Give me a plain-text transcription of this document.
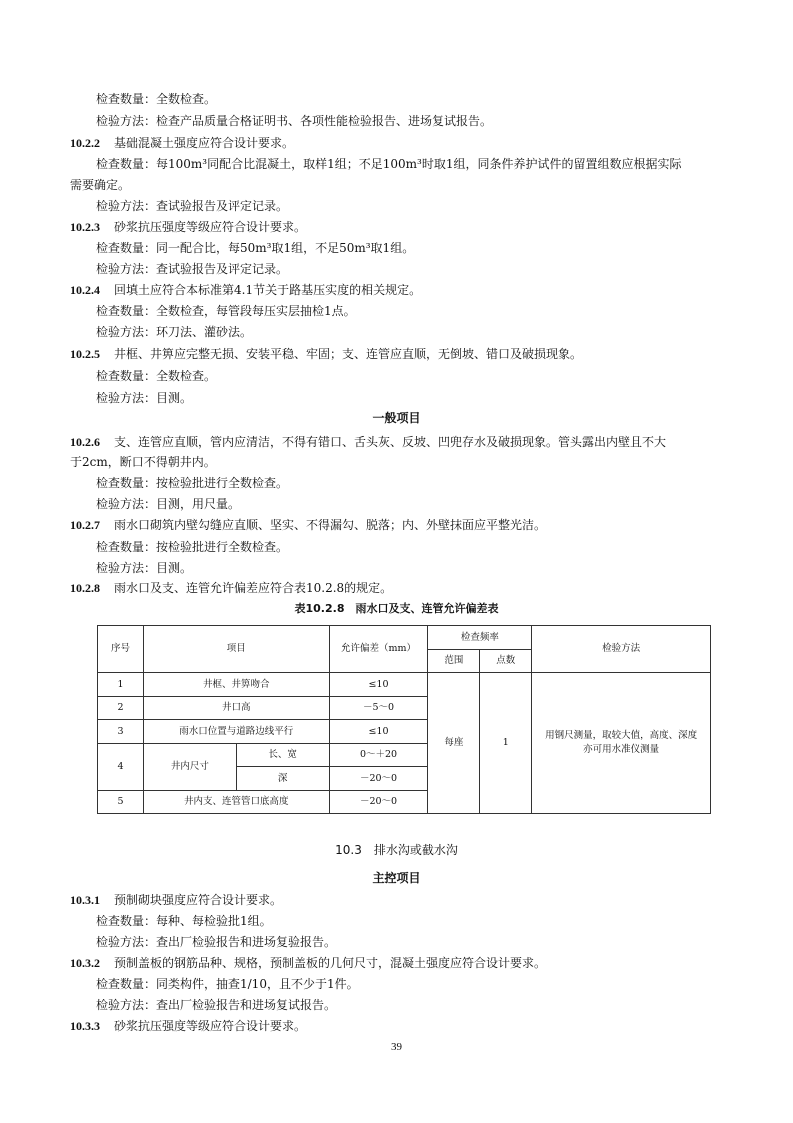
检查数量：全数检查。
检验方法：检查产品质量合格证明书、各项性能检验报告、进场复试报告。
10.2.2 基础混凝土强度应符合设计要求。
检查数量：每100m³同配合比混凝土，取样1组；不足100m³时取1组，同条件养护试件的留置组数应根据实际
需要确定。
检验方法：查试验报告及评定记录。
10.2.3 砂浆抗压强度等级应符合设计要求。
检查数量：同一配合比，每50m³取1组，不足50m³取1组。
检验方法：查试验报告及评定记录。
10.2.4 回填土应符合本标准第4.1节关于路基压实度的相关规定。
检查数量：全数检查，每管段每压实层抽检1点。
检验方法：环刀法、灌砂法。
10.2.5 井框、井箅应完整无损、安装平稳、牢固；支、连管应直顺，无倒坡、错口及破损现象。
检查数量：全数检查。
检验方法：目测。
一般项目
10.2.6 支、连管应直顺，管内应清洁，不得有错口、舌头灰、反坡、凹兜存水及破损现象。管头露出内壁且不大
于2cm，断口不得朝井内。
检查数量：按检验批进行全数检查。
检验方法：目测，用尺量。
10.2.7 雨水口砌筑内壁勾缝应直顺、坚实、不得漏勾、脱落；内、外壁抹面应平整光洁。
检查数量：按检验批进行全数检查。
检验方法：目测。
10.2.8 雨水口及支、连管允许偏差应符合表10.2.8的规定。
表10.2.8　雨水口及支、连管允许偏差表
序号	项目		允许偏差（mm）	检查频率		检验方法
				范围	点数	
1	井框、井箅吻合		≤10	每座	1	用钢尺测量，取较大值，高度、深度亦可用水准仪测量
2	井口高		－5～0			
3	雨水口位置与道路边线平行		≤10			
4	井内尺寸	长、宽	0～＋20			
		深	－20～0			
5	井内支、连管管口底高度		－20～0			
10.3　排水沟或截水沟
主控项目
10.3.1 预制砌块强度应符合设计要求。
检查数量：每种、每检验批1组。
检验方法：查出厂检验报告和进场复验报告。
10.3.2 预制盖板的钢筋品种、规格，预制盖板的几何尺寸，混凝土强度应符合设计要求。
检查数量：同类构件，抽查1/10，且不少于1件。
检验方法：查出厂检验报告和进场复试报告。
10.3.3 砂浆抗压强度等级应符合设计要求。
39
